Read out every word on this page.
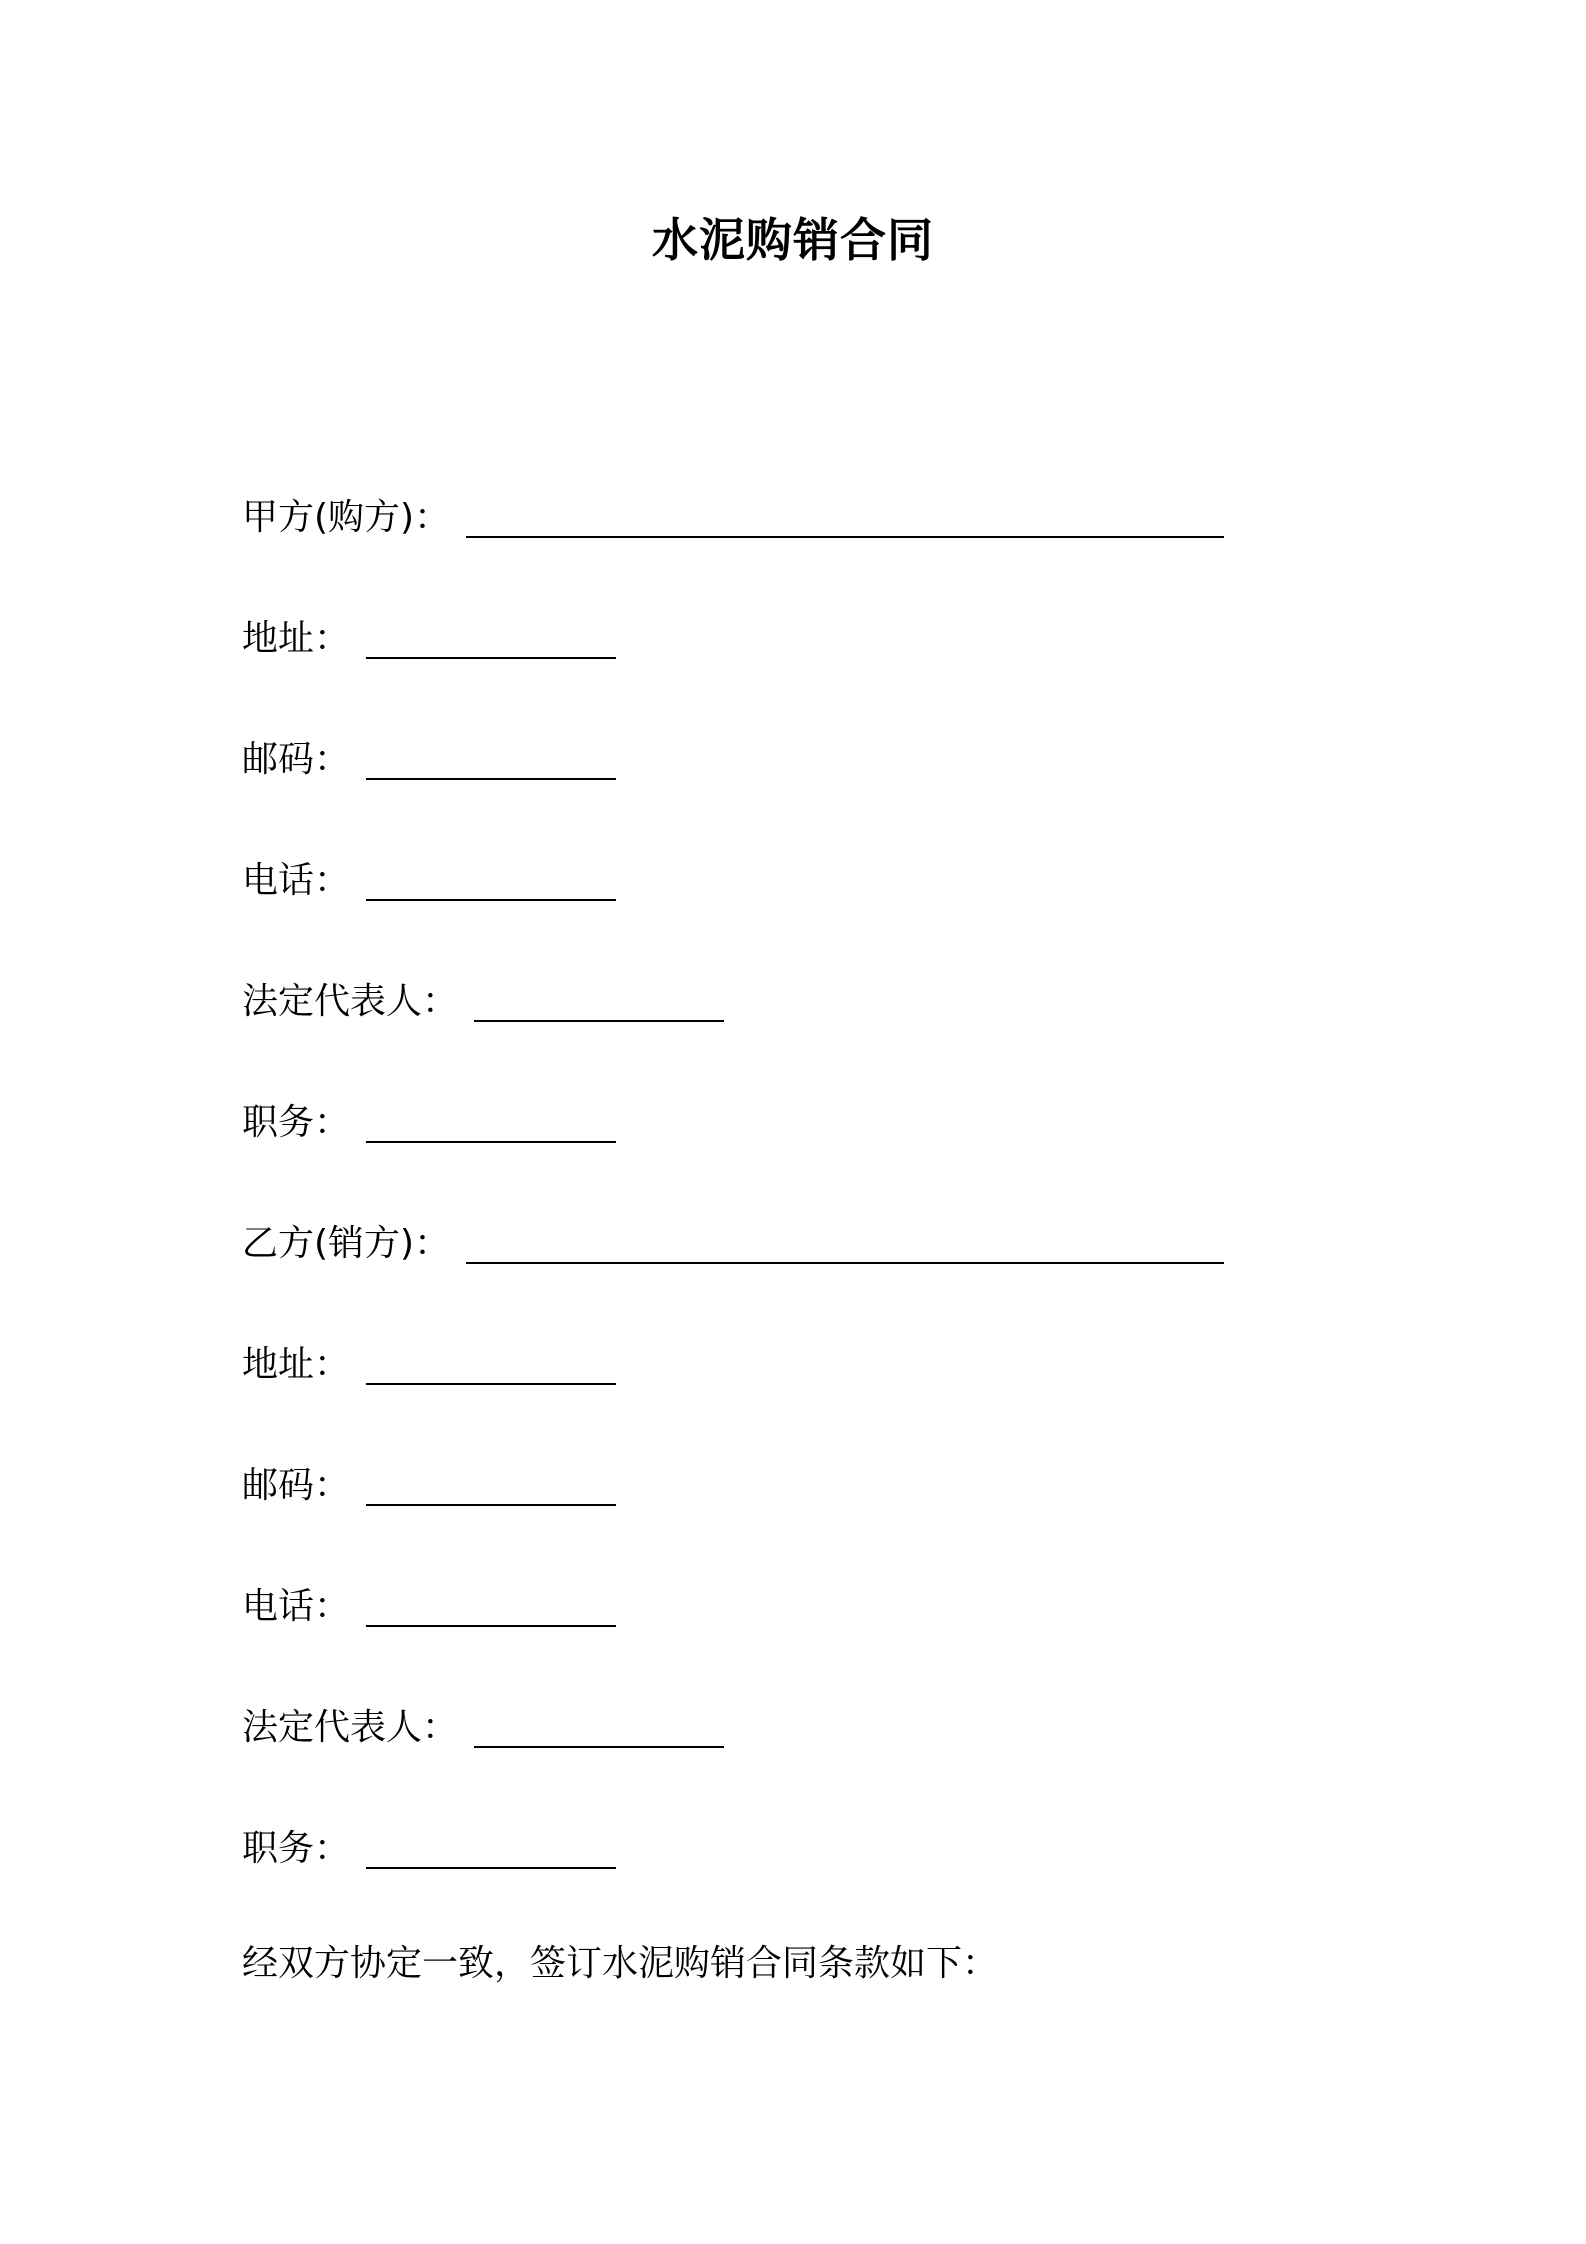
水泥购销合同
甲方(购方)：
地址：
邮码：
电话：
法定代表人：
职务：
乙方(销方)：
地址：
邮码：
电话：
法定代表人：
职务：
经双方协定一致，签订水泥购销合同条款如下：
